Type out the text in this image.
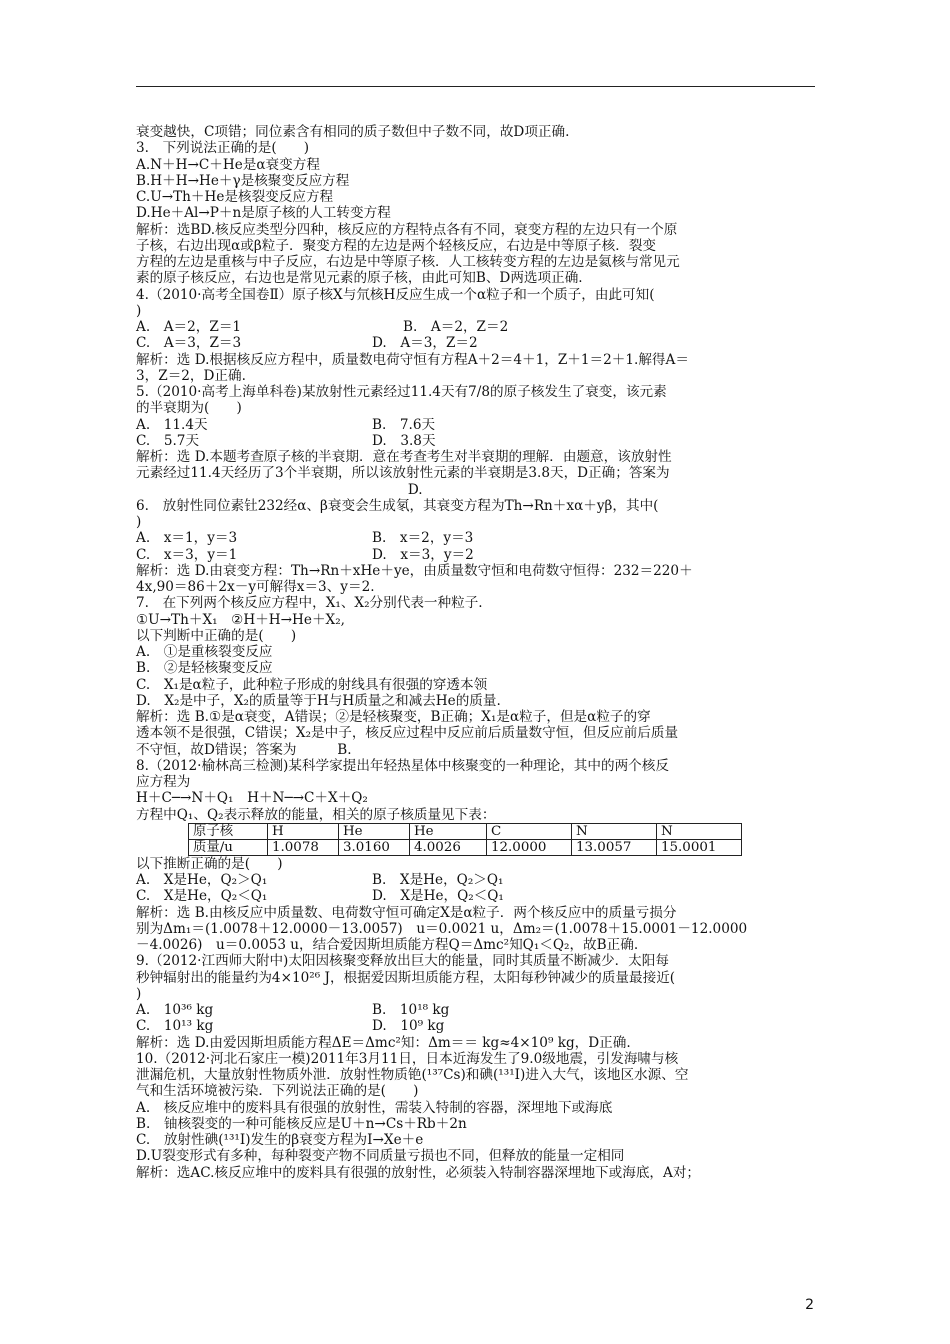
衰变越快，C项错；同位素含有相同的质子数但中子数不同，故D项正确.
3.　下列说法正确的是(　　)
A.N＋H→C＋He是α衰变方程
B.H＋H→He＋γ是核聚变反应方程
C.U→Th＋He是核裂变反应方程
D.He＋Al→P＋n是原子核的人工转变方程
解析：选BD.核反应类型分四种，核反应的方程特点各有不同，衰变方程的左边只有一个原
子核，右边出现α或β粒子．聚变方程的左边是两个轻核反应，右边是中等原子核．裂变
方程的左边是重核与中子反应，右边是中等原子核．人工核转变方程的左边是氦核与常见元
素的原子核反应，右边也是常见元素的原子核，由此可知B、D两选项正确.
4.（2010·高考全国卷Ⅱ）原子核X与氘核H反应生成一个α粒子和一个质子，由此可知(
)
A.　A＝2，Z＝1	B.　A＝2，Z＝2
C.　A＝3，Z＝3	D.　A＝3，Z＝2
解析：选 D.根据核反应方程中，质量数电荷守恒有方程A＋2＝4＋1，Z＋1＝2＋1.解得A＝
3，Z＝2，D正确.
5.（2010·高考上海单科卷)某放射性元素经过11.4天有7/8的原子核发生了衰变，该元素
的半衰期为(　　)
A.　11.4天	B.　7.6天
C.　5.7天	D.　3.8天
解析：选 D.本题考查原子核的半衰期．意在考查考生对半衰期的理解．由题意，该放射性
元素经过11.4天经历了3个半衰期，所以该放射性元素的半衰期是3.8天，D正确；答案为
　　　　　　　　　　　　　　　　　　　　D.
6.　放射性同位素钍232经α、β衰变会生成氡，其衰变方程为Th→Rn＋xα＋yβ，其中(
)
A.　x＝1，y＝3	B.　x＝2，y＝3
C.　x＝3，y＝1	D.　x＝3，y＝2
解析：选 D.由衰变方程：Th→Rn＋xHe＋ye，由质量数守恒和电荷数守恒得：232＝220＋
4x,90＝86＋2x－y可解得x＝3、y＝2.
7.　在下列两个核反应方程中，X₁、X₂分别代表一种粒子.
①U→Th＋X₁　②H＋H→He＋X₂,
以下判断中正确的是(　　)
A.　①是重核裂变反应
B.　②是轻核聚变反应
C.　X₁是α粒子，此种粒子形成的射线具有很强的穿透本领
D.　X₂是中子，X₂的质量等于H与H质量之和减去He的质量.
解析：选 B.①是α衰变，A错误；②是轻核聚变，B正确；X₁是α粒子，但是α粒子的穿
透本领不是很强，C错误；X₂是中子，核反应过程中反应前后质量数守恒，但反应前后质量
不守恒，故D错误；答案为　　　B.
8.（2012·榆林高三检测)某科学家提出年轻热星体中核聚变的一种理论，其中的两个核反
应方程为
H＋C─→N＋Q₁　H＋N─→C＋X＋Q₂
方程中Q₁、Q₂表示释放的能量，相关的原子核质量见下表：
原子核	H	He	He	C	N	N
质量/u	1.0078	3.0160	4.0026	12.0000	13.0057	15.0001
以下推断正确的是(　　)
A.　X是He，Q₂＞Q₁	B.　X是He，Q₂＞Q₁
C.　X是He，Q₂＜Q₁	D.　X是He，Q₂＜Q₁
解析：选 B.由核反应中质量数、电荷数守恒可确定X是α粒子．两个核反应中的质量亏损分
别为Δm₁＝(1.0078＋12.0000－13.0057)　u＝0.0021 u，Δm₂＝(1.0078＋15.0001－12.0000
－4.0026)　u＝0.0053 u，结合爱因斯坦质能方程Q＝Δmc²知Q₁＜Q₂，故B正确.
9.（2012·江西师大附中)太阳因核聚变释放出巨大的能量，同时其质量不断减少．太阳每
秒钟辐射出的能量约为4×10²⁶ J，根据爱因斯坦质能方程，太阳每秒钟减少的质量最接近(
)
A.　10³⁶ kg	B.　10¹⁸ kg
C.　10¹³ kg	D.　10⁹ kg
解析：选 D.由爱因斯坦质能方程ΔE＝Δmc²知：Δm＝＝ kg≈4×10⁹ kg，D正确.
10.（2012·河北石家庄一模)2011年3月11日，日本近海发生了9.0级地震，引发海啸与核
泄漏危机，大量放射性物质外泄．放射性物质铯(¹³⁷Cs)和碘(¹³¹I)进入大气，该地区水源、空
气和生活环境被污染．下列说法正确的是(　　)
A.　核反应堆中的废料具有很强的放射性，需装入特制的容器，深埋地下或海底
B.　铀核裂变的一种可能核反应是U＋n→Cs＋Rb＋2n
C.　放射性碘(¹³¹I)发生的β衰变方程为I→Xe＋e
D.U裂变形式有多种，每种裂变产物不同质量亏损也不同，但释放的能量一定相同
解析：选AC.核反应堆中的废料具有很强的放射性，必须装入特制容器深埋地下或海底，A对；
2
